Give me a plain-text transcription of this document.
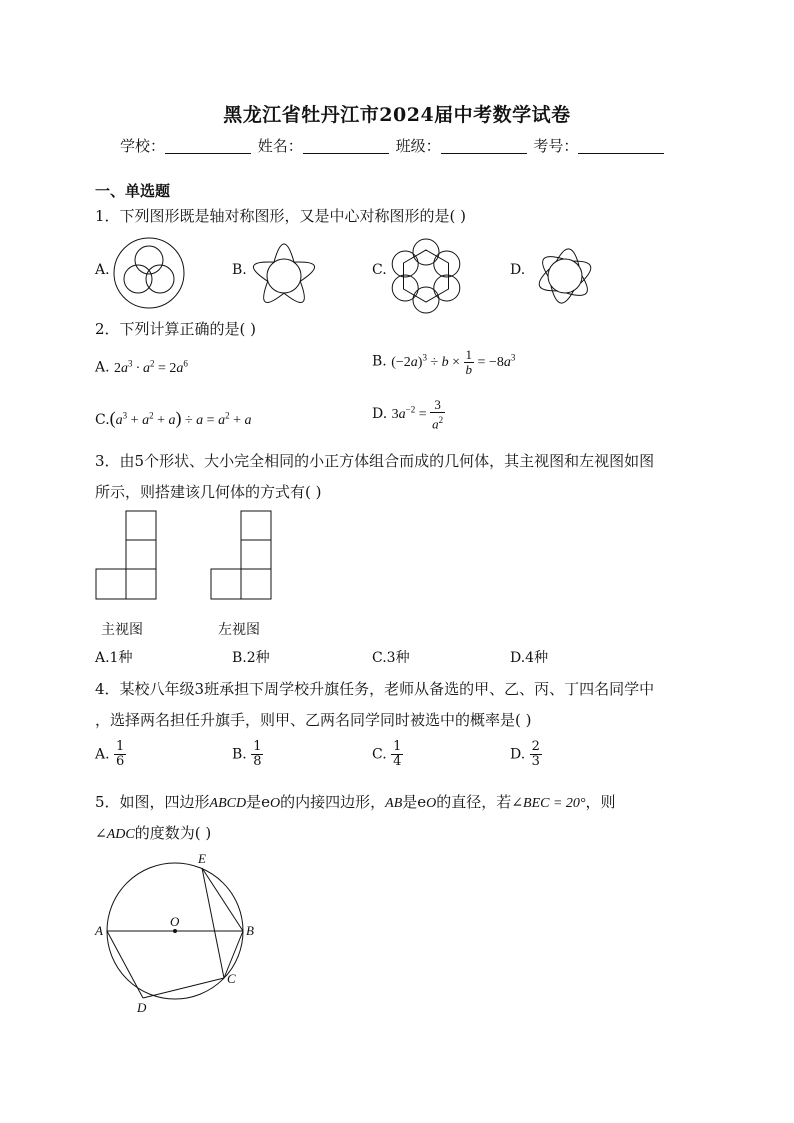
黑龙江省牡丹江市2024届中考数学试卷
学校：	姓名：	班级：	考号：
一、单选题
1．下列图形既是轴对称图形，又是中心对称图形的是( )
A.	B.	C.	D.
2．下列计算正确的是( )
A. $2a^3 \cdot a^2 = 2a^6$	B. $(-2a)^3 \div b \times \frac{1}{b} = -8a^3$
$C.(a^3 + a^2 + a) \div a = a^2 + a$	D. $3a^{-2} = \frac{3}{a^2}$
3．由5个形状、大小完全相同的小正方体组合而成的几何体，其主视图和左视图如图
所示，则搭建该几何体的方式有( )
主视图	左视图
A.1种	B.2种	C.3种	D.4种
4．某校八年级3班承担下周学校升旗任务，老师从备选的甲、乙、丙、丁四名同学中
，选择两名担任升旗手，则甲、乙两名同学同时被选中的概率是( )
A. $\frac{1}{6}$	B. $\frac{1}{8}$	C. $\frac{1}{4}$	D. $\frac{2}{3}$
5．如图，四边形ABCD是eO的内接四边形，AB是eO的直径，若∠BEC = 20°，则
∠ADC的度数为( )
A	B
C
D
E
O
